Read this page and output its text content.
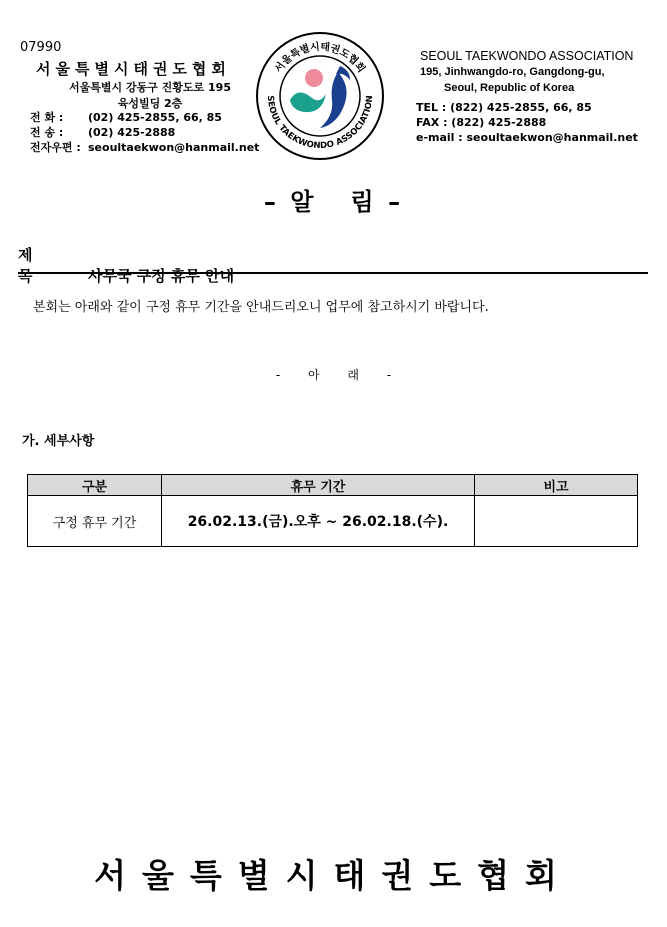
07990
서울특별시태권도협회
서울특별시 강동구 진황도로 195
육성빌딩 2층
전 화 : (02) 425-2855, 66, 85
전 송 : (02) 425-2888
전자우편 : seoultaekwon@hanmail.net
서울특별시태권도협회
SEOUL TAEKWONDO ASSOCIATION
SEOUL TAEKWONDO ASSOCIATION
195, Jinhwangdo-ro, Gangdong-gu,
Seoul, Republic of Korea
TEL : (822) 425-2855, 66, 85
FAX : (822) 425-2888
e-mail : seoultaekwon@hanmail.net
– 알   림 –
제 목	사무국 구정 휴무 안내
본회는 아래와 같이 구정 휴무 기간을 안내드리오니 업무에 참고하시기 바랍니다.
- 아 래 -
가. 세부사항
구분	휴무 기간	비고
구정 휴무 기간	26.02.13.(금).오후 ~ 26.02.18.(수).	
서울특별시태권도협회
